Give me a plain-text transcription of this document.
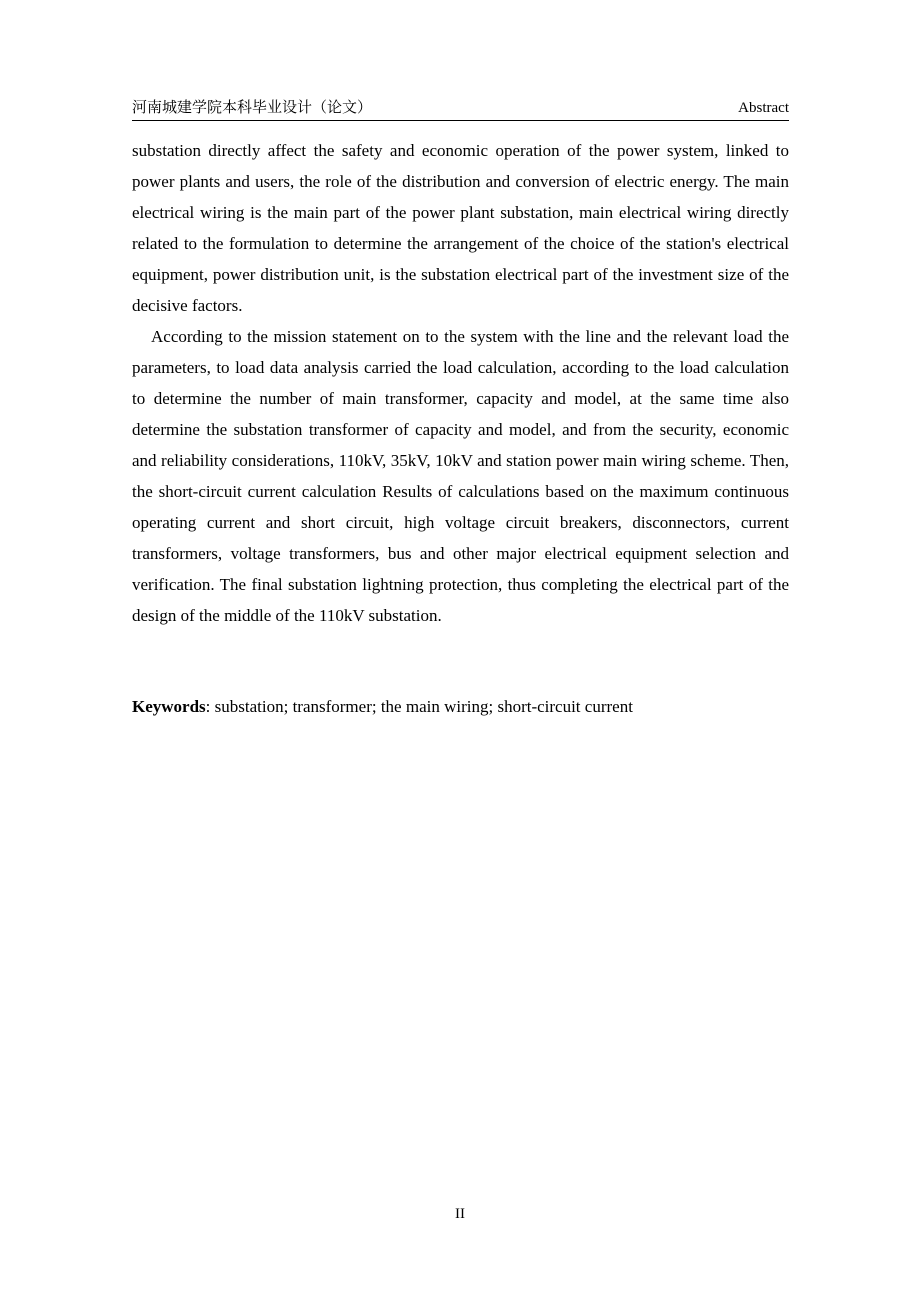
河南城建学院本科毕业设计（论文）	Abstract

substation directly affect the safety and economic operation of the power system, linked to power plants and users, the role of the distribution and conversion of electric energy. The main electrical wiring is the main part of the power plant substation, main electrical wiring directly related to the formulation to determine the arrangement of the choice of the station's electrical equipment, power distribution unit, is the substation electrical part of the investment size of the decisive factors.

According to the mission statement on to the system with the line and the relevant load the parameters, to load data analysis carried the load calculation, according to the load calculation to determine the number of main transformer, capacity and model, at the same time also determine the substation transformer of capacity and model, and from the security, economic and reliability considerations, 110kV, 35kV, 10kV and station power main wiring scheme. Then, the short-circuit current calculation Results of calculations based on the maximum continuous operating current and short circuit, high voltage circuit breakers, disconnectors, current transformers, voltage transformers, bus and other major electrical equipment selection and verification. The final substation lightning protection, thus completing the electrical part of the design of the middle of the 110kV substation.

Keywords: substation; transformer; the main wiring; short-circuit current
II
